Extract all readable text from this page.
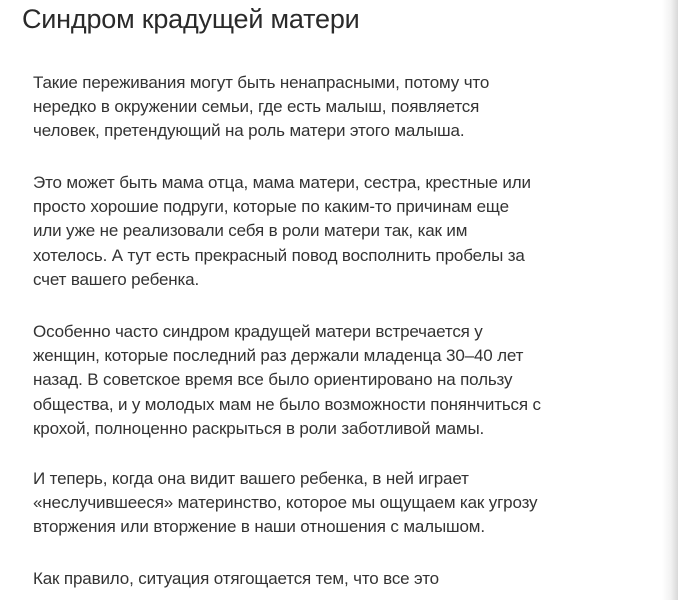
Синдром крадущей матери

Такие переживания могут быть ненапрасными, потому что
нередко в окружении семьи, где есть малыш, появляется
человек, претендующий на роль матери этого малыша.

Это может быть мама отца, мама матери, сестра, крестные или
просто хорошие подруги, которые по каким-то причинам еще
или уже не реализовали себя в роли матери так, как им
хотелось. А тут есть прекрасный повод восполнить пробелы за
счет вашего ребенка.

Особенно часто синдром крадущей матери встречается у
женщин, которые последний раз держали младенца 30–40 лет
назад. В советское время все было ориентировано на пользу
общества, и у молодых мам не было возможности понянчиться с
крохой, полноценно раскрыться в роли заботливой мамы.

И теперь, когда она видит вашего ребенка, в ней играет
«неслучившееся» материнство, которое мы ощущаем как угрозу
вторжения или вторжение в наши отношения с малышом.

Как правило, ситуация отягощается тем, что все это
